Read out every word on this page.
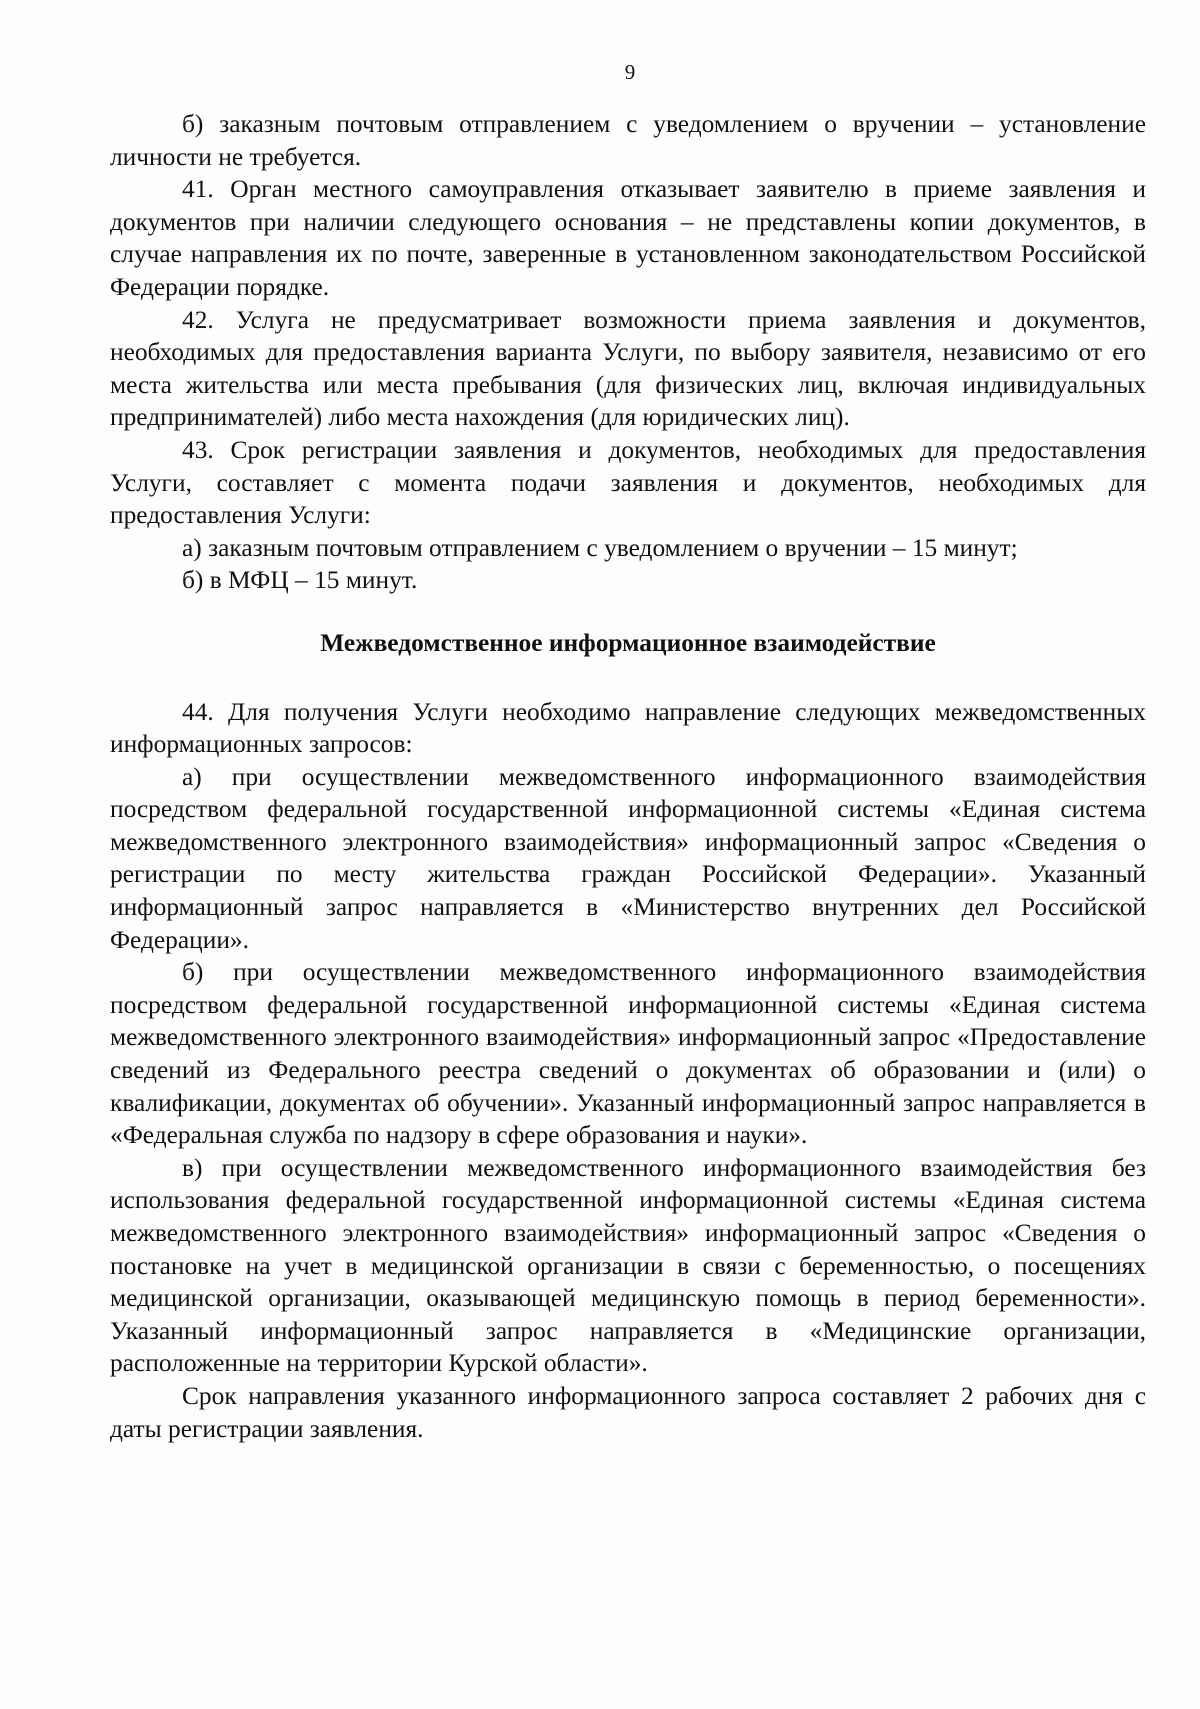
9

б) заказным почтовым отправлением с уведомлением о вручении – установление личности не требуется.

41. Орган местного самоуправления отказывает заявителю в приеме заявления и документов при наличии следующего основания – не представлены копии документов, в случае направления их по почте, заверенные в установленном законодательством Российской Федерации порядке.

42. Услуга не предусматривает возможности приема заявления и документов, необходимых для предоставления варианта Услуги, по выбору заявителя, независимо от его места жительства или места пребывания (для физических лиц, включая индивидуальных предпринимателей) либо места нахождения (для юридических лиц).

43. Срок регистрации заявления и документов, необходимых для предоставления Услуги, составляет с момента подачи заявления и документов, необходимых для предоставления Услуги:

а) заказным почтовым отправлением с уведомлением о вручении – 15 минут;

б) в МФЦ – 15 минут.

Межведомственное информационное взаимодействие

44. Для получения Услуги необходимо направление следующих межведомственных информационных запросов:

а) при осуществлении межведомственного информационного взаимодействия посредством федеральной государственной информационной системы «Единая система межведомственного электронного взаимодействия» информационный запрос «Сведения о регистрации по месту жительства граждан Российской Федерации». Указанный информационный запрос направляется в «Министерство внутренних дел Российской Федерации».

б) при осуществлении межведомственного информационного взаимодействия посредством федеральной государственной информационной системы «Единая система межведомственного электронного взаимодействия» информационный запрос «Предоставление сведений из Федерального реестра сведений о документах об образовании и (или) о квалификации, документах об обучении». Указанный информационный запрос направляется в «Федеральная служба по надзору в сфере образования и науки».

в) при осуществлении межведомственного информационного взаимодействия без использования федеральной государственной информационной системы «Единая система межведомственного электронного взаимодействия» информационный запрос «Сведения о постановке на учет в медицинской организации в связи с беременностью, о посещениях медицинской организации, оказывающей медицинскую помощь в период беременности». Указанный информационный запрос направляется в «Медицинские организации, расположенные на территории Курской области».

Срок направления указанного информационного запроса составляет 2 рабочих дня с даты регистрации заявления.
